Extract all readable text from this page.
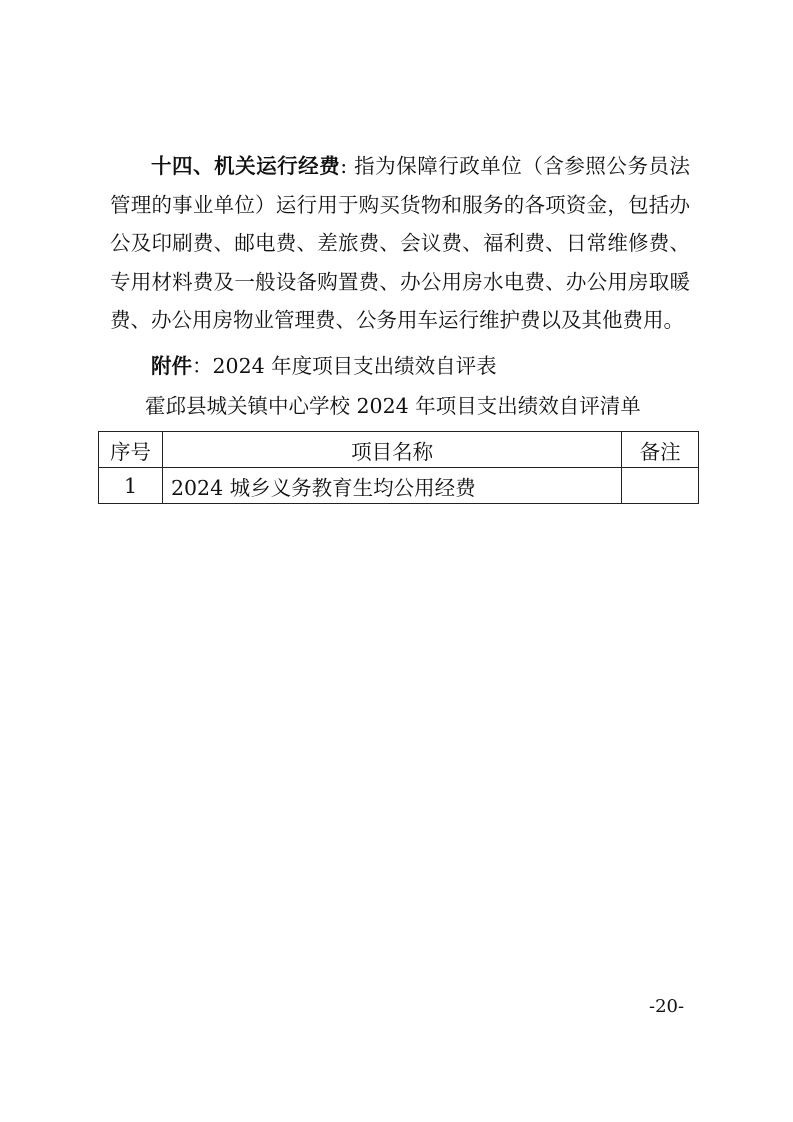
十四、机关运行经费: 指为保障行政单位（含参照公务员法管理的事业单位）运行用于购买货物和服务的各项资金，包括办公及印刷费、邮电费、差旅费、会议费、福利费、日常维修费、专用材料费及一般设备购置费、办公用房水电费、办公用房取暖费、办公用房物业管理费、公务用车运行维护费以及其他费用。

附件：2024 年度项目支出绩效自评表

霍邱县城关镇中心学校 2024 年项目支出绩效自评清单

序号	项目名称	备注
1	2024 城乡义务教育生均公用经费	
-20-
